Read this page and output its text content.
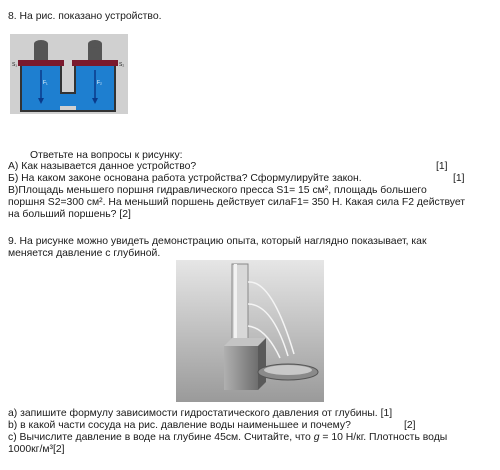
8. На рис. показано устройство.
S₁	S₂
F₁	F₂
Ответьте на вопросы к рисунку:
А) Как называется данное устройство?	[1]
Б) На каком законе основана работа устройства? Сформулируйте закон.	[1]
В)Площадь меньшего поршня гидравлического пресса S1= 15 см², площадь большего
поршня S2=300 см². На меньший поршень действует силаF1= 350 Н. Какая сила F2 действует
на больший поршень? [2]
9. На рисунке можно увидеть демонстрацию опыта, который наглядно показывает, как
меняется давление с глубиной.
а) запишите формулу зависимости гидростатического давления от глубины. [1]
b) в какой части сосуда на рис. давление воды наименьшее и почему?	[2]
с) Вычислите давление в воде на глубине 45см. Считайте, что g = 10 Н/кг. Плотность воды
1000кг/м³[2]
